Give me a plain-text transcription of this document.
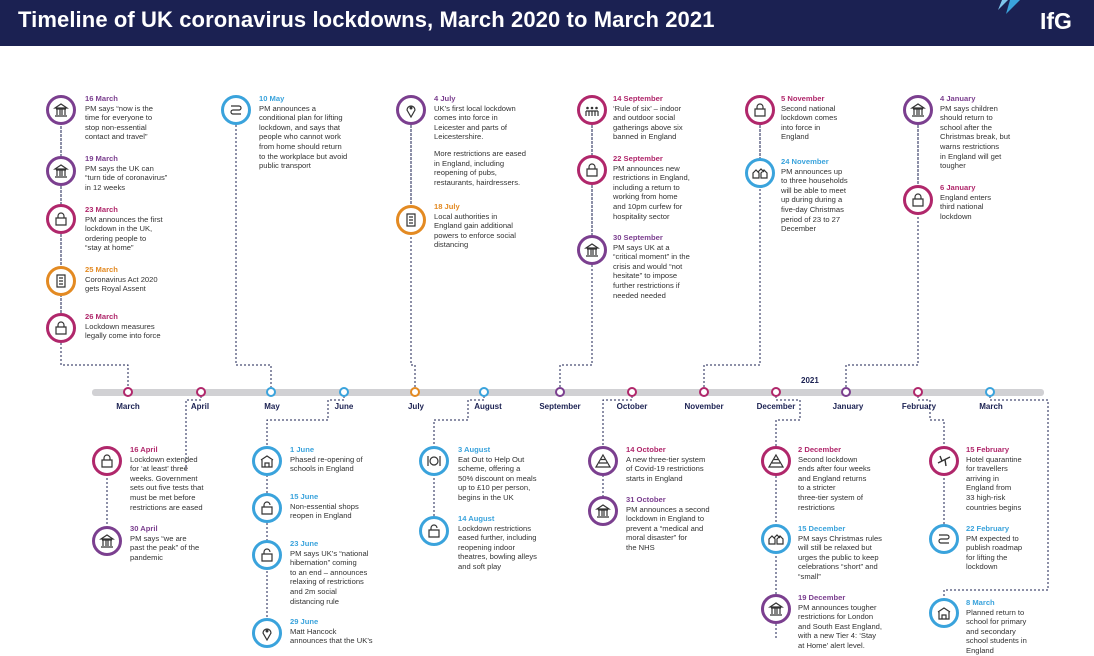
Timeline of UK coronavirus lockdowns, March 2020 to March 2021	IfG
2021
March	April	May	June	July	August	September	October	November	December	January	February	March
16 March
PM says “now is the
time for everyone to
stop non-essential
contact and travel”
19 March
PM says the UK can
“turn tide of coronavirus”
in 12 weeks
23 March
PM announces the first
lockdown in the UK,
ordering people to
“stay at home”
25 March
Coronavirus Act 2020
gets Royal Assent
26 March
Lockdown measures
legally come into force
10 May
PM announces a
conditional plan for lifting
lockdown, and says that
people who cannot work
from home should return
to the workplace but avoid
public transport
4 July
UK’s first local lockdown
comes into force in
Leicester and parts of
Leicestershire.
More restrictions are eased
in England, including
reopening of pubs,
restaurants, hairdressers.
18 July
Local authorities in
England gain additional
powers to enforce social
distancing
14 September
‘Rule of six’ – indoor
and outdoor social
gatherings above six
banned in England
22 September
PM announces new
restrictions in England,
including a return to
working from home
and 10pm curfew for
hospitality sector
30 September
PM says UK at a
“critical moment” in the
crisis and would “not
hesitate” to impose
further restrictions if
needed needed
5 November
Second national
lockdown comes
into force in
England
24 November
PM announces up
to three households
will be able to meet
up during during a
five-day Christmas
period of 23 to 27
December
4 January
PM says children
should return to
school after the
Christmas break, but
warns restrictions
in England will get
tougher
6 January
England enters
third national
lockdown
16 April
Lockdown extended
for ‘at least’ three
weeks. Government
sets out five tests that
must be met before
restrictions are eased
30 April
PM says “we are
past the peak” of the
pandemic
1 June
Phased re-opening of
schools in England
15 June
Non-essential shops
reopen in England
23 June
PM says UK’s “national
hibernation” coming
to an end – announces
relaxing of restrictions
and 2m social
distancing rule
29 June
Matt Hancock
announces that the UK’s
3 August
Eat Out to Help Out
scheme, offering a
50% discount on meals
up to £10 per person,
begins in the UK
14 August
Lockdown restrictions
eased further, including
reopening indoor
theatres, bowling alleys
and soft play
14 October
A new three-tier system
of Covid-19 restrictions
starts in England
31 October
PM announces a second
lockdown in England to
prevent a “medical and
moral disaster” for
the NHS
2 December
Second lockdown
ends after four weeks
and England returns
to a stricter
three-tier system of
restrictions
15 December
PM says Christmas rules
will still be relaxed but
urges the public to keep
celebrations “short” and
“small”
19 December
PM announces tougher
restrictions for London
and South East England,
with a new Tier 4: ‘Stay
at Home’ alert level.
15 February
Hotel quarantine
for travellers
arriving in
England from
33 high-risk
countries begins
22 February
PM expected to
publish roadmap
for lifting the
lockdown
8 March
Planned return to
school for primary
and secondary
school students in
England
